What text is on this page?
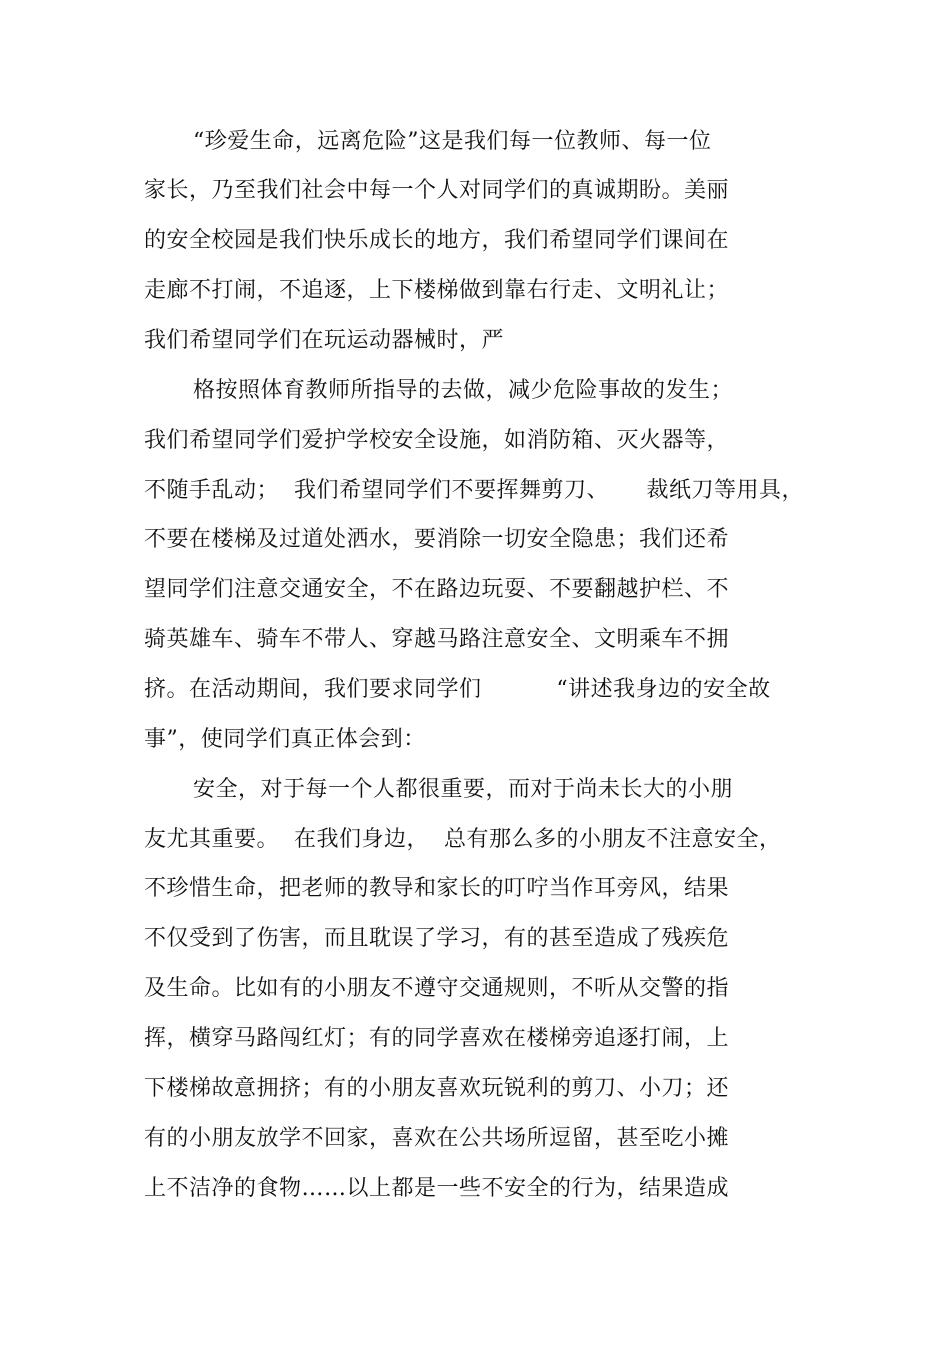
“珍爱生命，远离危险”这是我们每一位教师、每一位
家长，乃至我们社会中每一个人对同学们的真诚期盼。美丽
的安全校园是我们快乐成长的地方，我们希望同学们课间在
走廊不打闹，不追逐，上下楼梯做到靠右行走、文明礼让；
我们希望同学们在玩运动器械时，严
格按照体育教师所指导的去做，减少危险事故的发生；
我们希望同学们爱护学校安全设施，如消防箱、灭火器等，
不随手乱动；  我们希望同学们不要挥舞剪刀、     裁纸刀等用具，
不要在楼梯及过道处洒水，要消除一切安全隐患；我们还希
望同学们注意交通安全，不在路边玩耍、不要翻越护栏、不
骑英雄车、骑车不带人、穿越马路注意安全、文明乘车不拥
挤。在活动期间，我们要求同学们          “讲述我身边的安全故
事”，使同学们真正体会到：
安全，对于每一个人都很重要，而对于尚未长大的小朋
友尤其重要。  在我们身边，  总有那么多的小朋友不注意安全，
不珍惜生命，把老师的教导和家长的叮咛当作耳旁风，结果
不仅受到了伤害，而且耽误了学习，有的甚至造成了残疾危
及生命。比如有的小朋友不遵守交通规则，不听从交警的指
挥，横穿马路闯红灯；有的同学喜欢在楼梯旁追逐打闹，上
下楼梯故意拥挤；有的小朋友喜欢玩锐利的剪刀、小刀；还
有的小朋友放学不回家，喜欢在公共场所逗留，甚至吃小摊
上不洁净的食物……以上都是一些不安全的行为，结果造成
